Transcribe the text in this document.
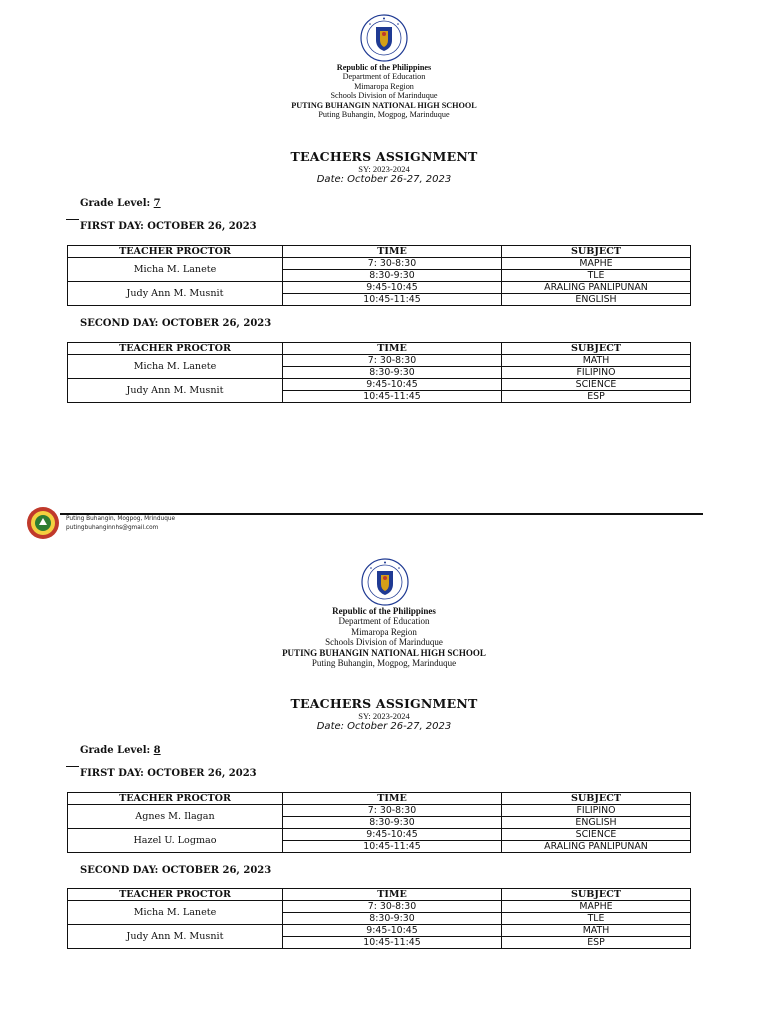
Republic of the Philippines
Department of Education
Mimaropa Region
Schools Division of Marinduque
PUTING BUHANGIN NATIONAL HIGH SCHOOL
Puting Buhangin, Mogpog, Marinduque
TEACHERS ASSIGNMENT
SY: 2023-2024
Date: October 26-27, 2023
Grade Level: 7
FIRST DAY: OCTOBER 26, 2023
TEACHER PROCTOR	TIME	SUBJECT
Micha M. Lanete	7: 30-8:30	MAPHE
	8:30-9:30	TLE
Judy Ann M. Musnit	9:45-10:45	ARALING PANLIPUNAN
	10:45-11:45	ENGLISH
SECOND DAY: OCTOBER 26, 2023
TEACHER PROCTOR	TIME	SUBJECT
Micha M. Lanete	7: 30-8:30	MATH
	8:30-9:30	FILIPINO
Judy Ann M. Musnit	9:45-10:45	SCIENCE
	10:45-11:45	ESP
Puting Buhangin, Mogpog, Mrinduque
putingbuhanginnhs@gmail.com
Republic of the Philippines
Department of Education
Mimaropa Region
Schools Division of Marinduque
PUTING BUHANGIN NATIONAL HIGH SCHOOL
Puting Buhangin, Mogpog, Marinduque
TEACHERS ASSIGNMENT
SY: 2023-2024
Date: October 26-27, 2023
Grade Level: 8
FIRST DAY: OCTOBER 26, 2023
TEACHER PROCTOR	TIME	SUBJECT
Agnes M. Ilagan	7: 30-8:30	FILIPINO
	8:30-9:30	ENGLISH
Hazel U. Logmao	9:45-10:45	SCIENCE
	10:45-11:45	ARALING PANLIPUNAN
SECOND DAY: OCTOBER 26, 2023
TEACHER PROCTOR	TIME	SUBJECT
Micha M. Lanete	7: 30-8:30	MAPHE
	8:30-9:30	TLE
Judy Ann M. Musnit	9:45-10:45	MATH
	10:45-11:45	ESP
